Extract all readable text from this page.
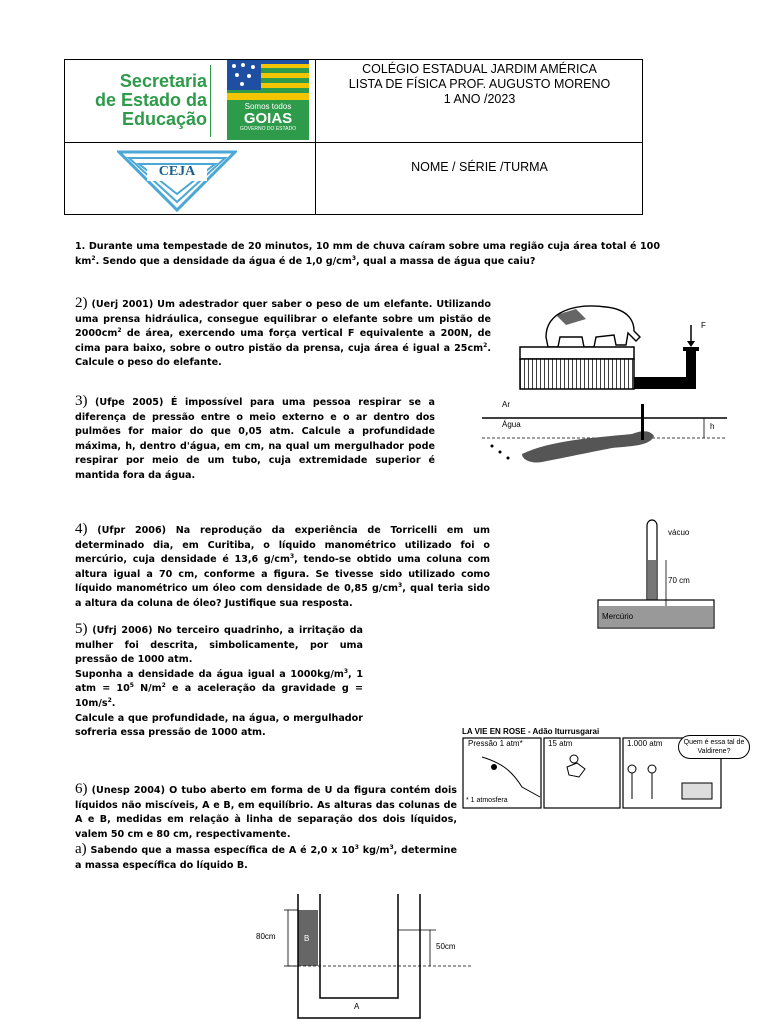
Secretaria
de Estado da
Educação
Somos todos
GOIAS
GOVERNO DO ESTADO
COLÉGIO ESTADUAL JARDIM AMÉRICA
LISTA DE FÍSICA PROF. AUGUSTO MORENO
1 ANO /2023
CEJA	NOME / SÉRIE /TURMA
1. Durante uma tempestade de 20 minutos, 10 mm de chuva caíram sobre uma região cuja área total é 100 $km^2$. Sendo que a densidade da água é de 1,0 $g/cm^3$, qual a massa de água que caiu?
2) (Uerj 2001) Um adestrador quer saber o peso de um elefante. Utilizando uma prensa hidráulica, consegue equilibrar o elefante sobre um pistão de $2000cm^2$ de área, exercendo uma força vertical F equivalente a 200N, de cima para baixo, sobre o outro pistão da prensa, cuja área é igual a $25cm^2$. Calcule o peso do elefante.
F
3) (Ufpe 2005) É impossível para uma pessoa respirar se a diferença de pressão entre o meio externo e o ar dentro dos pulmões for maior do que 0,05 atm. Calcule a profundidade máxima, h, dentro d'água, em cm, na qual um mergulhador pode respirar por meio de um tubo, cuja extremidade superior é mantida fora da água.
Ar
Água	h
4) (Ufpr 2006) Na reprodução da experiência de Torricelli em um determinado dia, em Curitiba, o líquido manométrico utilizado foi o mercúrio, cuja densidade é 13,6 $g/cm^3$, tendo-se obtido uma coluna com altura igual a 70 cm, conforme a figura. Se tivesse sido utilizado como líquido manométrico um óleo com densidade de 0,85 $g/cm^3$, qual teria sido a altura da coluna de óleo? Justifique sua resposta.
vácuo
70 cm
Mercúrio
5) (Ufrj 2006) No terceiro quadrinho, a irritação da mulher foi descrita, simbolicamente, por uma pressão de 1000 atm.
Suponha a densidade da água igual a $1000kg/m^3$, 1 atm = $10^5$ $N/m^2$ e a aceleração da gravidade $g = 10m/s^2$.
Calcule a que profundidade, na água, o mergulhador sofreria essa pressão de 1000 atm.	LA VIE EN ROSE - Adão Iturrusgarai
Pressão 1 atm*	15 atm	1.000 atm	Quem é essa tal de Valdirene?
* 1 atmosfera
6) (Unesp 2004) O tubo aberto em forma de U da figura contém dois líquidos não miscíveis, A e B, em equilíbrio. As alturas das colunas de A e B, medidas em relação à linha de separação dos dois líquidos, valem 50 cm e 80 cm, respectivamente.
a) Sabendo que a massa específica de A é 2,0 x $10^3$ $kg/m^3$, determine a massa específica do líquido B.
80cm
50cm
B
A
